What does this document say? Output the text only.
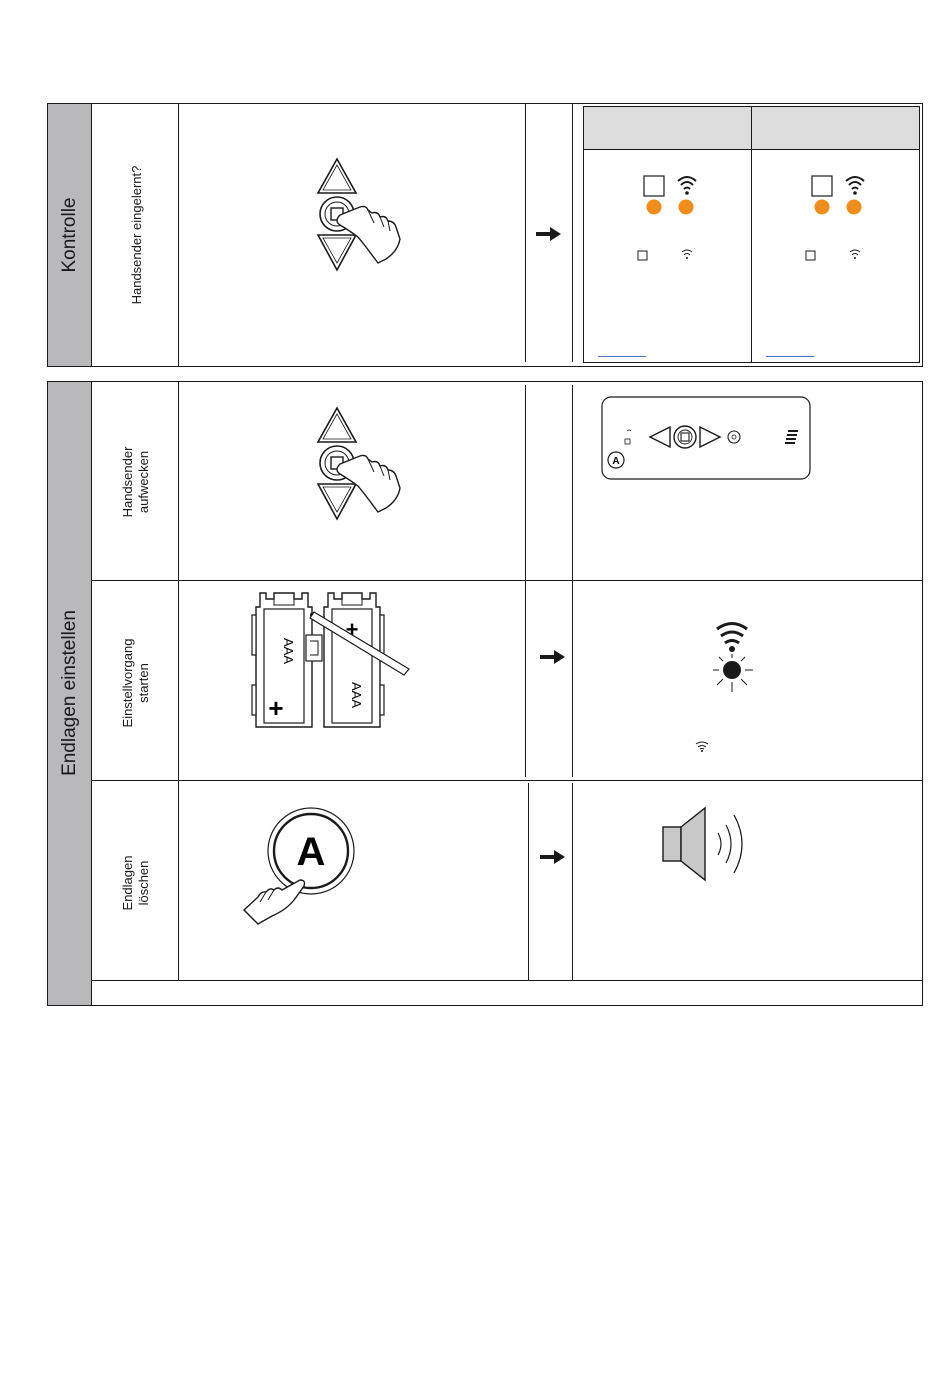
Kontrolle	Handsender eingelernt?
Endlagen einstellen
Handsender aufwecken
Einstellvorgang starten
Endlagen löschen
A
AAA
+	AAA
+
A
